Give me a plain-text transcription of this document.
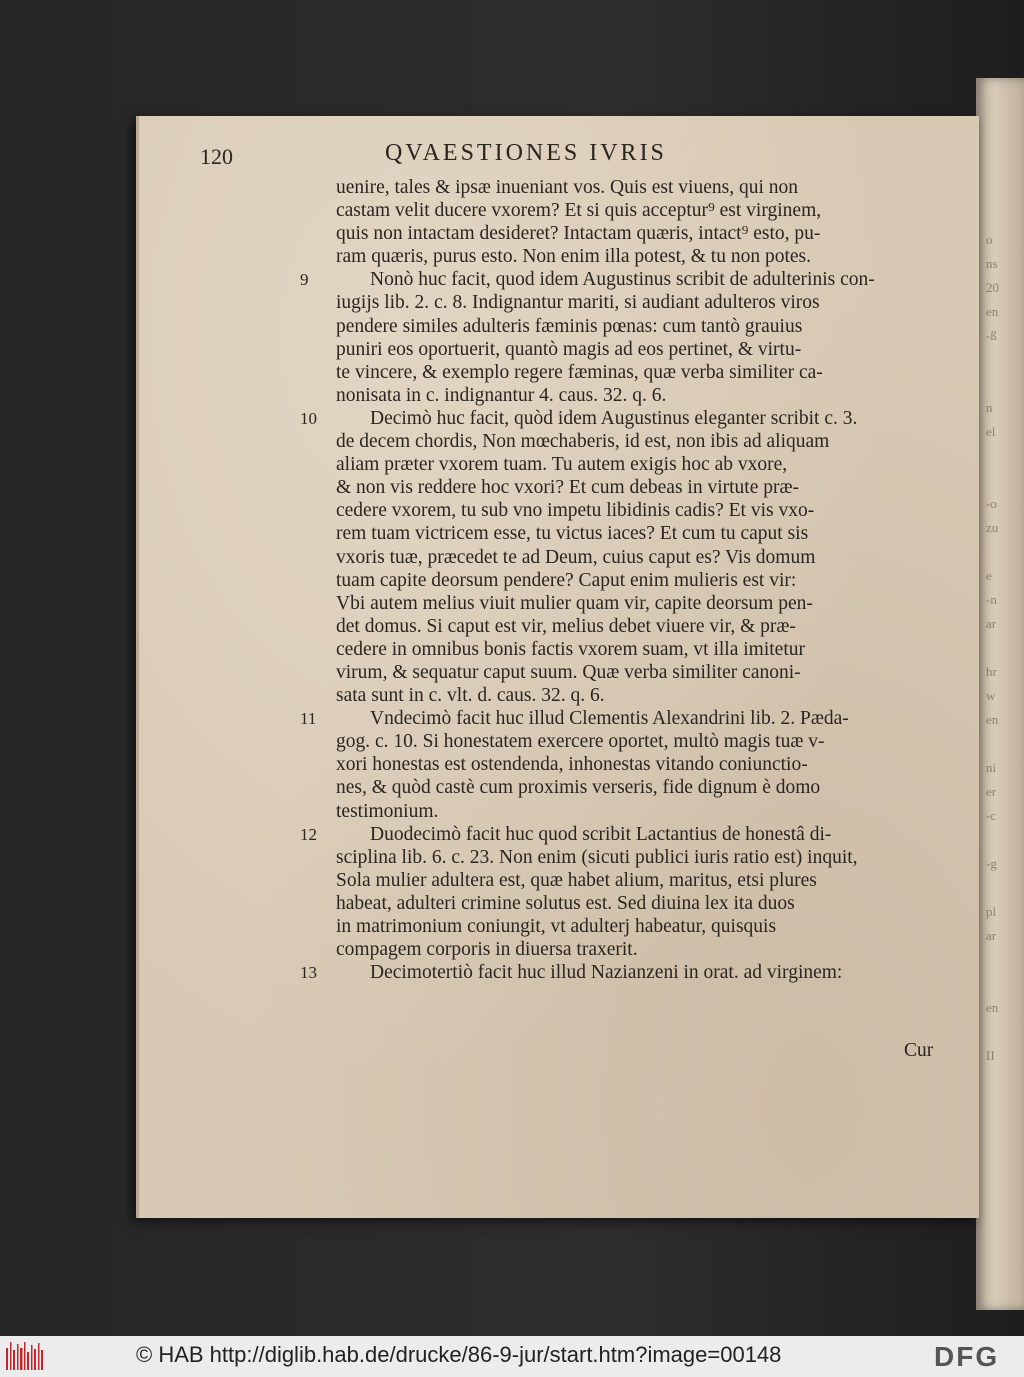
o
ns
20
en
-ß

n
el

-o
zu

e
-n
ar

hr
w
en

ni
er
-c

-g

pl
ar

en

II
120	QVAESTIONES IVRIS
uenire, tales & ipsæ inueniant vos. Quis est viuens, qui non
castam velit ducere vxorem? Et si quis acceptur⁹ est virginem,
quis non intactam desideret? Intactam quæris, intact⁹ esto, pu-
ram quæris, purus esto. Non enim illa potest, & tu non potes.
9	Nonò huc facit, quod idem Augustinus scribit de adulterinis con-
iugijs lib. 2. c. 8. Indignantur mariti, si audiant adulteros viros
pendere similes adulteris fæminis pœnas: cum tantò grauius
puniri eos oportuerit, quantò magis ad eos pertinet, & virtu-
te vincere, & exemplo regere fæminas, quæ verba similiter ca-
nonisata in c. indignantur 4. caus. 32. q. 6.
10	Decimò huc facit, quòd idem Augustinus eleganter scribit c. 3.
de decem chordis, Non mœchaberis, id est, non ibis ad aliquam
aliam præter vxorem tuam. Tu autem exigis hoc ab vxore,
& non vis reddere hoc vxori? Et cum debeas in virtute præ-
cedere vxorem, tu sub vno impetu libidinis cadis? Et vis vxo-
rem tuam victricem esse, tu victus iaces? Et cum tu caput sis
vxoris tuæ, præcedet te ad Deum, cuius caput es? Vis domum
tuam capite deorsum pendere? Caput enim mulieris est vir:
Vbi autem melius viuit mulier quam vir, capite deorsum pen-
det domus. Si caput est vir, melius debet viuere vir, & præ-
cedere in omnibus bonis factis vxorem suam, vt illa imitetur
virum, & sequatur caput suum. Quæ verba similiter canoni-
sata sunt in c. vlt. d. caus. 32. q. 6.
11	Vndecimò facit huc illud Clementis Alexandrini lib. 2. Pæda-
gog. c. 10. Si honestatem exercere oportet, multò magis tuæ v-
xori honestas est ostendenda, inhonestas vitando coniunctio-
nes, & quòd castè cum proximis verseris, fide dignum è domo
testimonium.
12	Duodecimò facit huc quod scribit Lactantius de honestâ di-
sciplina lib. 6. c. 23. Non enim (sicuti publici iuris ratio est) inquit,
Sola mulier adultera est, quæ habet alium, maritus, etsi plures
habeat, adulteri crimine solutus est. Sed diuina lex ita duos
in matrimonium coniungit, vt adulterj habeatur, quisquis
compagem corporis in diuersa traxerit.
13	Decimotertiò facit huc illud Nazianzeni in orat. ad virginem:
Cur
© HAB http://diglib.hab.de/drucke/86-9-jur/start.htm?image=00148	DFG
